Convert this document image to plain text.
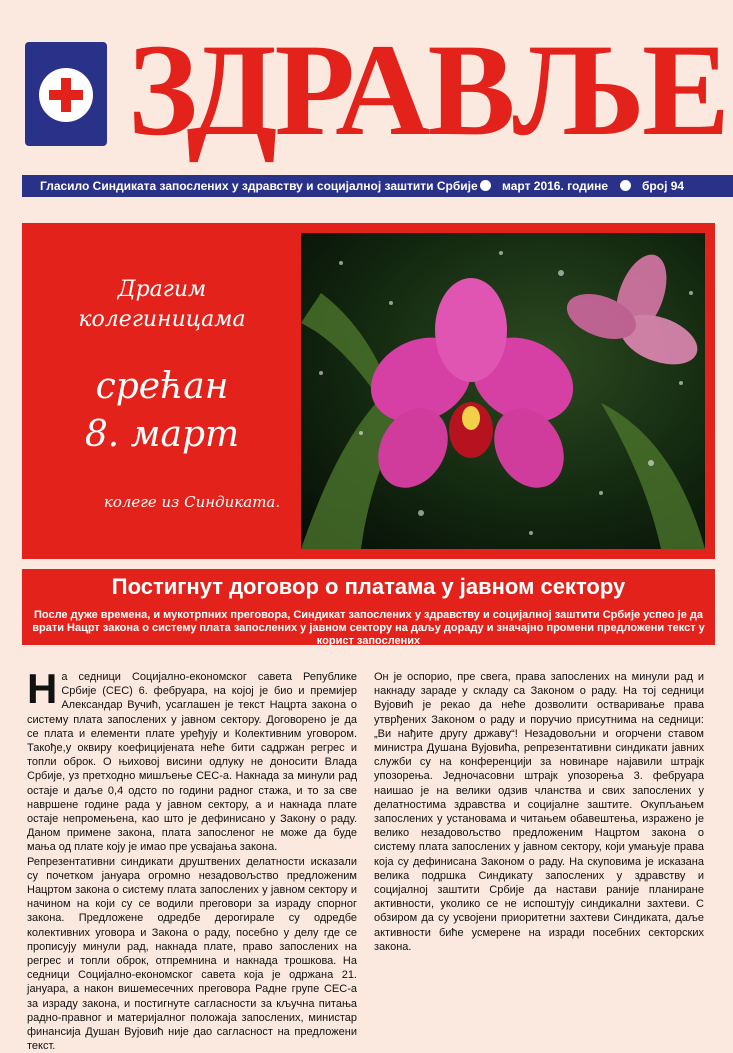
ЗДРАВЉЕ
Гласило Синдиката запослених у здравству и социјалној заштити Србије март 2016. године	број 94
Драгим
колегиницама
срећан
8. март
колеге из Синдиката.
Постигнут договор о платама у јавном сектору

После дуже времена, и мукотрпних преговора, Синдикат запослених у здравству и социјалној заштити Србије успео је да врати Нацрт закона о систему плата запослених у јавном сектору на даљу дораду и значајно промени предложени текст у корист запослених

На седници Социјално-економског савета Републике Србије (СЕС) 6. фебруара, на којој је био и премијер Александар Вучић, усаглашен је текст Нацрта закона о систему плата запослених у јавном сектору. Договорено је да се плата и елементи плате уређују и Колективним уговором. Такође,у оквиру коефицијената неће бити садржан регрес и топли оброк. О њиховој висини одлуку не доносити Влада Србије, уз претходно мишљење СЕС-а. Накнада за минули рад остаје и даље 0,4 одсто по години радног стажа, и то за све навршене године рада у јавном сектору, а и накнада плате остаје непромењена, као што је дефинисано у Закону о раду. Даном примене закона, плата запосленог не може да буде мања од плате коју је имао пре усвајања закона.

Репрезентативни синдикати друштвених делатности исказали су почетком јануара огромно незадовољство предложеним Нацртом закона о систему плата запослених у јавном сектору и начином на који су се водили преговори за израду спорног закона. Предложене одредбе дерогирале су одредбе колективних уговора и Закона о раду, посебно у делу где се прописују минули рад, накнада плате, право запослених на регрес и топли оброк, отпремнина и накнада трошкова. На седници Социјално-економског савета која је одржана 21. јануара, а након вишемесечних преговора Радне групе СЕС-а за израду закона, и постигнуте сагласности за кључна питања радно-правног и материјалног положаја запослених, министар финансија Душан Вујовић није дао сагласност на предложени текст.

Он је оспорио, пре свега, права запослених на минули рад и накнаду зараде у складу са Законом о раду. На тој седници Вујовић је рекао да неће дозволити остваривање права утврђених Законом о раду и поручио присутнима на седници: „Ви нађите другу државу“! Незадовољни и огорчени ставом министра Душана Вујовића, репрезентативни синдикати јавних служби су на конференцији за новинаре најавили штрајк упозорења. Једночасовни штрајк упозорења 3. фебруара наишао је на велики одзив чланства и свих запослених у делатностима здравства и социјалне заштите. Окупљањем запослених у установама и читањем обавештења, изражено је велико незадовољство предложеним Нацртом закона о систему плата запослених у јавном сектору, који умањује права која су дефинисана Законом о раду. На скуповима је исказана велика подршка Синдикату запослених у здравству и социјалној заштити Србије да настави раније планиране активности, уколико се не испоштују синдикални захтеви. С обзиром да су усвојени приоритетни захтеви Синдиката, даље активности биће усмерене на изради посебних секторских закона.
